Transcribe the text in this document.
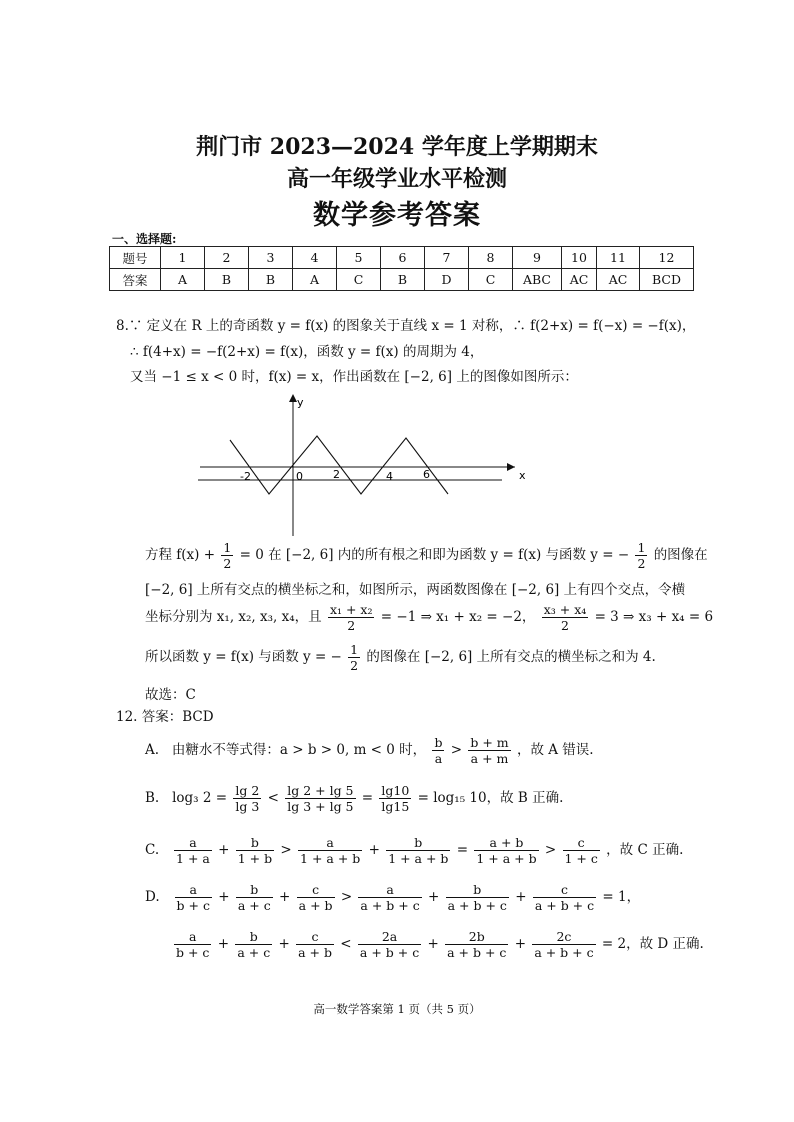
荆门市 2023—2024 学年度上学期期末
高一年级学业水平检测
数学参考答案
一、选择题:
题号	1	2	3	4	5	6	7	8	9	10	11	12
答案	A	B	B	A	C	B	D	C	ABC	AC	AC	BCD
8.∵ 定义在 R 上的奇函数 y = f(x) 的图象关于直线 x = 1 对称，∴ f(2+x) = f(−x) = −f(x)，
∴ f(4+x) = −f(2+x) = f(x)，函数 y = f(x) 的周期为 4，
又当 −1 ≤ x < 0 时，f(x) = x，作出函数在 [−2, 6] 上的图像如图所示：
x
y
-2	0	2	4	6
方程 $f(x) + \frac{1}{2} = 0$ 在 [−2, 6] 内的所有根之和即为函数 y = f(x) 与函数 y = − $\frac{1}{2}$ 的图像在
[−2, 6] 上所有交点的横坐标之和，如图所示，两函数图像在 [−2, 6] 上有四个交点，令横
坐标分别为 x₁, x₂, x₃, x₄，且 $\frac{\text{x₁ + x₂}}{2} = -1$ ⇒ x₁ + x₂ = −2， $\frac{\text{x₃ + x₄}}{2} = 3$ ⇒ x₃ + x₄ = 6
所以函数 y = f(x) 与函数 y = − $\frac{1}{2}$ 的图像在 [−2, 6] 上所有交点的横坐标之和为 4.
故选：C
12. 答案：BCD
A. 由糖水不等式得：a > b > 0, m < 0 时， $\frac{b}{a} > \frac{b + m}{a + m}$ ，故 A 错误.
B. log₃ $2 = \frac{\lg 2}{\lg 3} < \frac{\lg 2 + \lg 5}{\lg 3 + \lg 5} = \frac{\lg 10}{\lg 15} = \log_{15}$ 10，故 B 正确.
C. $\frac{a}{1 + a} + \frac{b}{1 + b} > \frac{a}{1 + a + b} + \frac{b}{1 + a + b} = \frac{a + b}{1 + a + b} > \frac{c}{1 + c}$ ，故 C 正确.
D. $\frac{a}{b + c} + \frac{b}{a + c} + \frac{c}{a + b} > \frac{a}{a + b + c} + \frac{b}{a + b + c} + \frac{c}{a + b + c} = 1$，
$\frac{a}{b + c} + \frac{b}{a + c} + \frac{c}{a + b} < \frac{2a}{a + b + c} + \frac{2b}{a + b + c} + \frac{2c}{a + b + c} = 2$，故 D 正确.
高一数学答案第 1 页（共 5 页）
